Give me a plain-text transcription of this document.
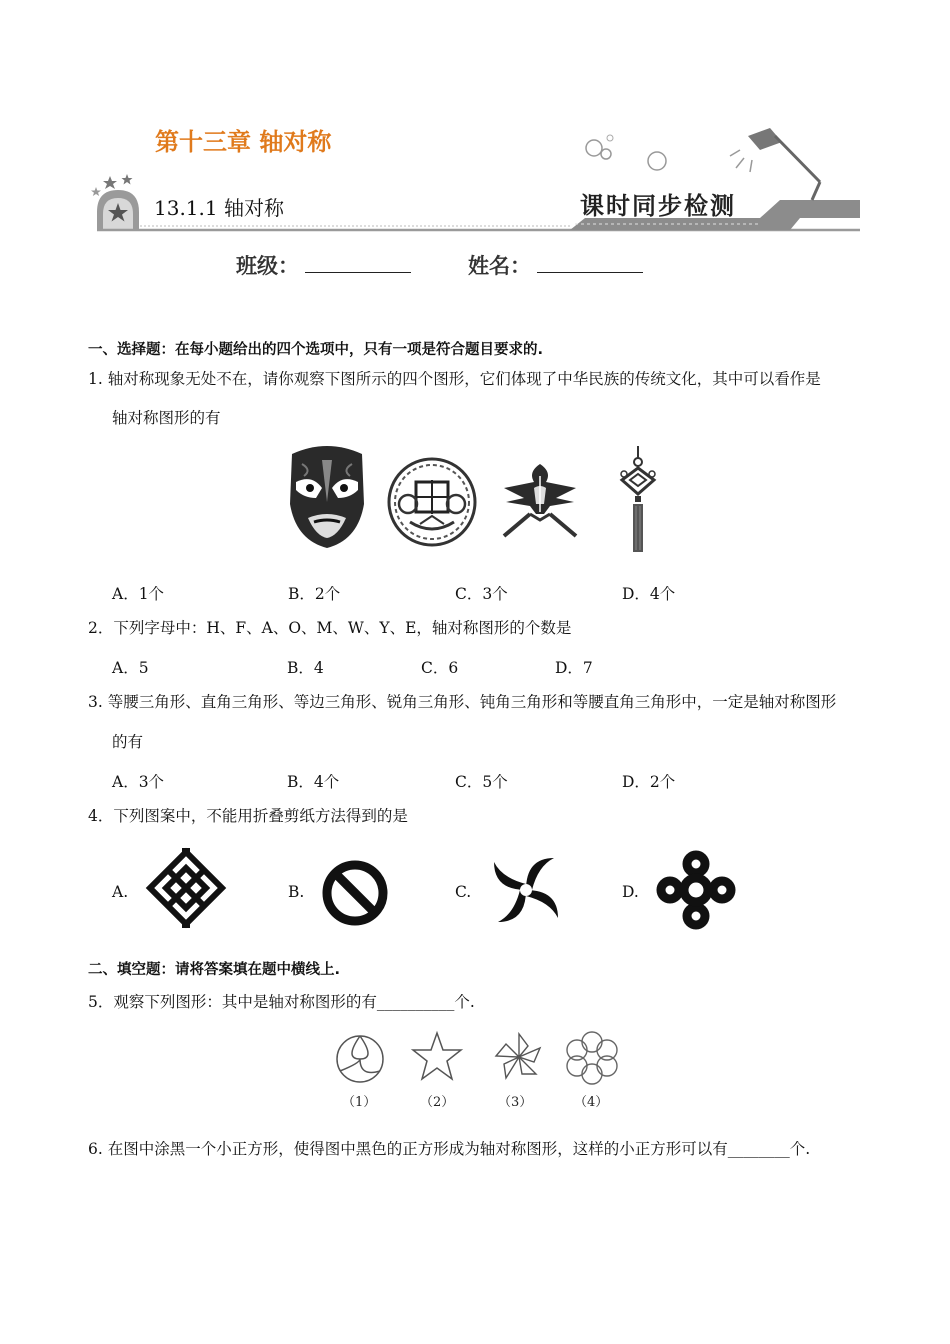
第十三章 轴对称
13.1.1 轴对称	课时同步检测
班级：	姓名：
一、选择题：在每小题给出的四个选项中，只有一项是符合题目要求的.
1. 轴对称现象无处不在，请你观察下图所示的四个图形，它们体现了中华民族的传统文化，其中可以看作是
轴对称图形的有
A．1个	B．2个	C．3个	D．4个
2．下列字母中：H、F、A、O、M、W、Y、E，轴对称图形的个数是
A．5	B．4	C．6	D．7
3. 等腰三角形、直角三角形、等边三角形、锐角三角形、钝角三角形和等腰直角三角形中，一定是轴对称图形
的有
A．3个	B．4个	C．5个	D．2个
4．下列图案中，不能用折叠剪纸方法得到的是
A.	B.	C.	D.
二、填空题：请将答案填在题中横线上.
5．观察下列图形：其中是轴对称图形的有__________个.
（1）	（2）	（3）	（4）
6. 在图中涂黑一个小正方形，使得图中黑色的正方形成为轴对称图形，这样的小正方形可以有________个.
